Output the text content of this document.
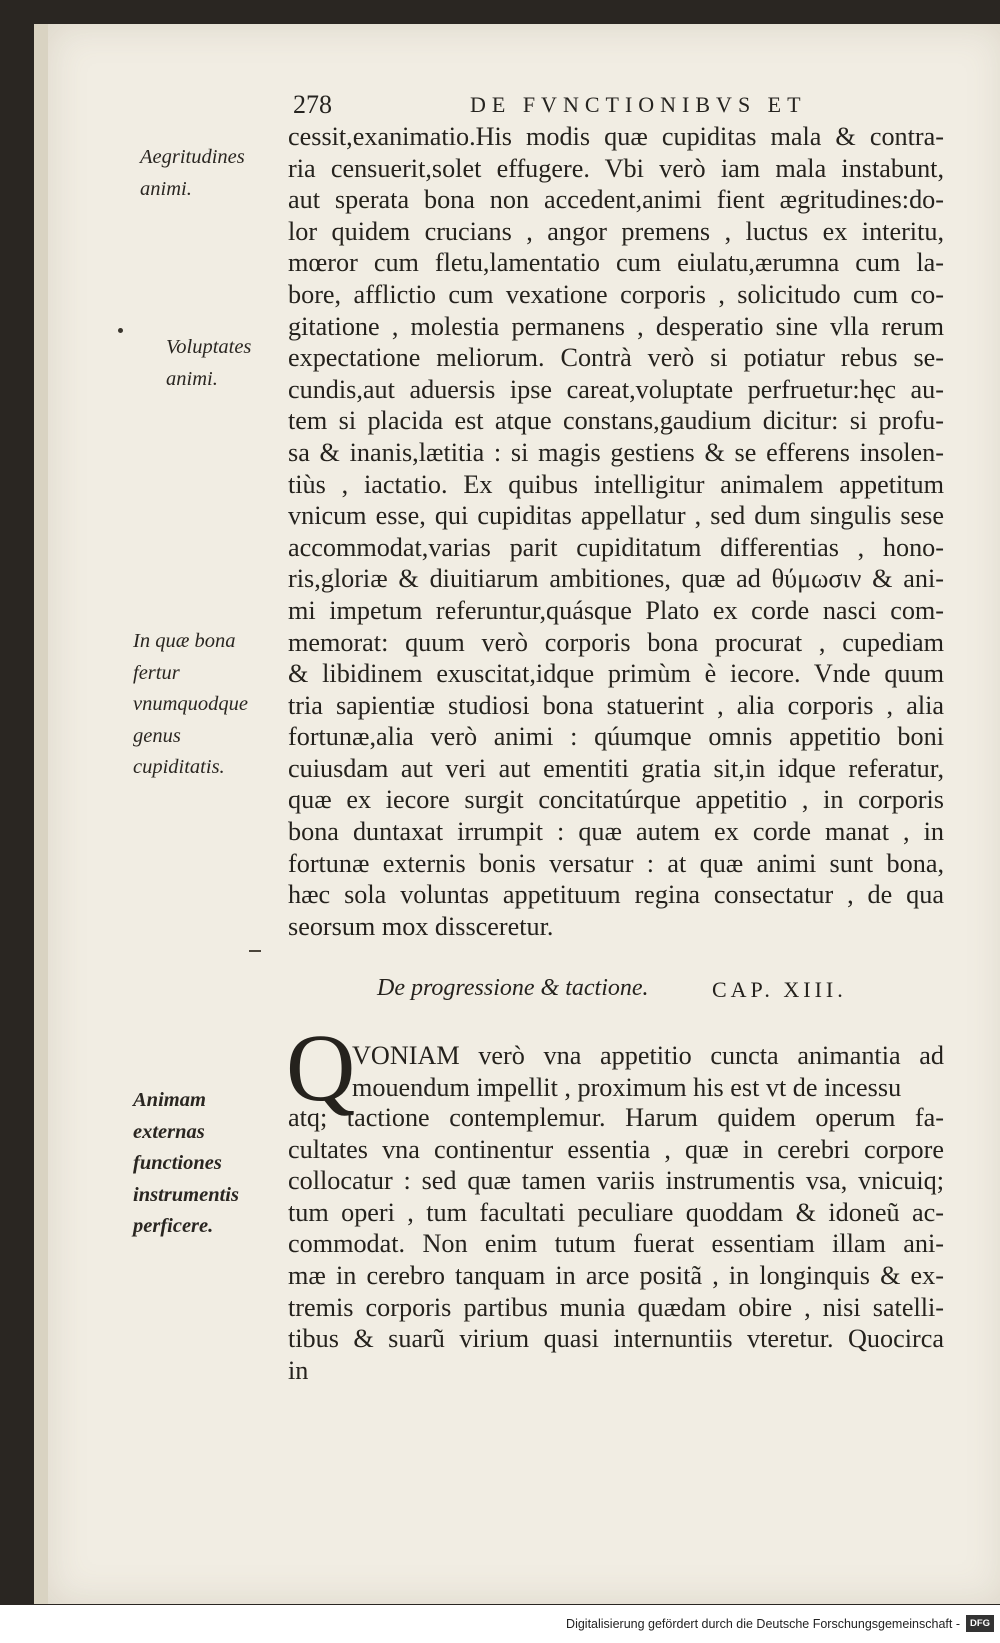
278	DE FVNCTIONIBVS ET
Aegritudines animi.
Voluptates animi.
In quæ bona fertur vnumquodque genus cupiditatis.
Animam externas functiones instrumentis perficere.
cessit,exanimatio.His modis quæ cupiditas mala & contra-
ria censuerit,solet effugere. Vbi verò iam mala instabunt,
aut sperata bona non accedent,animi fient ægritudines:do-
lor quidem crucians , angor premens , luctus ex interitu,
mœror cum fletu,lamentatio cum eiulatu,ærumna cum la-
bore, afflictio cum vexatione corporis , solicitudo cum co-
gitatione , molestia permanens , desperatio sine vlla rerum
expectatione meliorum. Contrà verò si potiatur rebus se-
cundis,aut aduersis ipse careat,voluptate perfruetur:hęc au-
tem si placida est atque constans,gaudium dicitur: si profu-
sa & inanis,lætitia : si magis gestiens & se efferens insolen-
tiùs , iactatio. Ex quibus intelligitur animalem appetitum
vnicum esse, qui cupiditas appellatur , sed dum singulis sese
accommodat,varias parit cupiditatum differentias , hono-
ris,gloriæ & diuitiarum ambitiones, quæ ad θύμωσιν & ani-
mi impetum referuntur,quásque Plato ex corde nasci com-
memorat: quum verò corporis bona procurat , cupediam
& libidinem exuscitat,idque primùm è iecore. Vnde quum
tria sapientiæ studiosi bona statuerint , alia corporis , alia
fortunæ,alia verò animi : qúumque omnis appetitio boni
cuiusdam aut veri aut ementiti gratia sit,in idque referatur,
quæ ex iecore surgit concitatúrque appetitio , in corporis
bona duntaxat irrumpit : quæ autem ex corde manat , in
fortunæ externis bonis versatur : at quæ animi sunt bona,
hæc sola voluntas appetituum regina consectatur , de qua
seorsum mox dissceretur.
De progressione & tactione.	CAP. XIII.
Q
VONIAM verò vna appetitio cuncta animantia ad
mouendum impellit , proximum his est vt de incessu
atq; tactione contemplemur. Harum quidem operum fa-
cultates vna continentur essentia , quæ in cerebri corpore
collocatur : sed quæ tamen variis instrumentis vsa, vnicuiq;
tum operi , tum facultati peculiare quoddam & idoneũ ac-
commodat. Non enim tutum fuerat essentiam illam ani-
mæ in cerebro tanquam in arce positã , in longinquis & ex-
tremis corporis partibus munia quædam obire , nisi satelli-
tibus & suarũ virium quasi internuntiis vteretur. Quocirca
in
Digitalisierung gefördert durch die Deutsche Forschungsgemeinschaft -	DFG
